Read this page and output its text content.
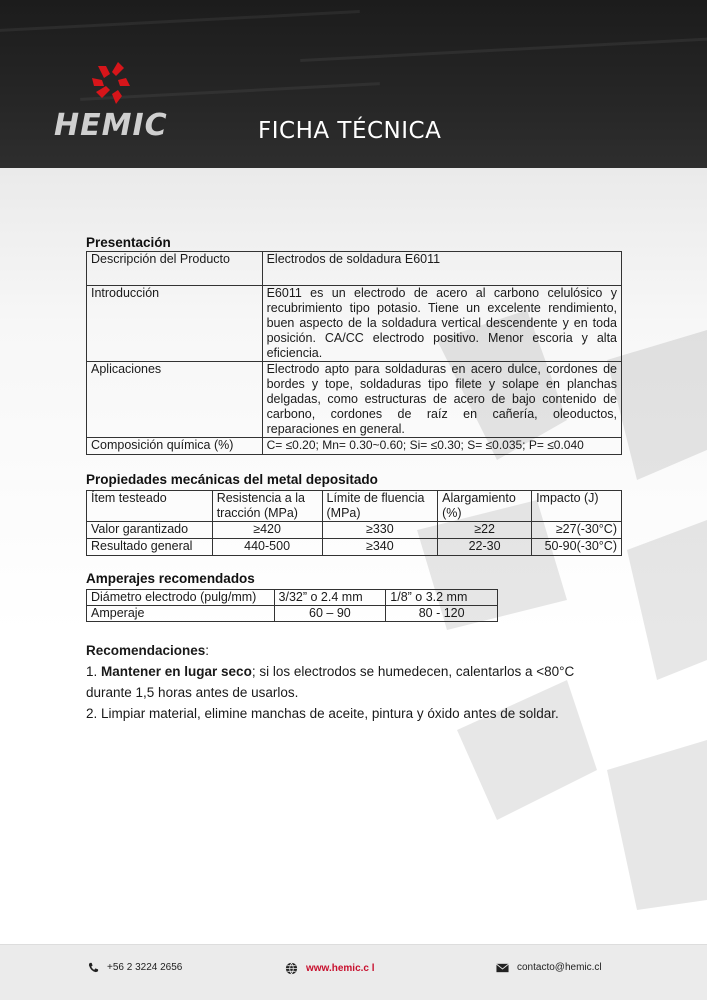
HEMIC	FICHA TÉCNICA
Presentación
Descripción del Producto	Electrodos de soldadura E6011
Introducción	E6011 es un electrodo de acero al carbono celulósico y recubrimiento tipo potasio. Tiene un excelente rendimiento, buen aspecto de la soldadura vertical descendente y en toda posición. CA/CC electrodo positivo. Menor escoria y alta eficiencia.
Aplicaciones	Electrodo apto para soldaduras en acero dulce, cordones de bordes y tope, soldaduras tipo filete y solape en planchas delgadas, como estructuras de acero de bajo contenido de carbono, cordones de raíz en cañería, oleoductos, reparaciones en general.
Composición química (%)	C= ≤0.20; Mn= 0.30~0.60; Si= ≤0.30; S= ≤0.035; P= ≤0.040
Propiedades mecánicas del metal depositado
Ítem testeado	Resistencia a la tracción (MPa)	Límite de fluencia (MPa)	Alargamiento (%)	Impacto (J)
Valor garantizado	≥420	≥330	≥22	≥27(-30°C)
Resultado general	440-500	≥340	22-30	50-90(-30°C)
Amperajes recomendados
Diámetro electrodo (pulg/mm)	3/32” o 2.4 mm	1/8” o 3.2 mm
Amperaje	60 – 90	80 - 120

Recomendaciones:

1. Mantener en lugar seco; si los electrodos se humedecen, calentarlos a <80°C durante 1,5 horas antes de usarlos.

2. Limpiar material, elimine manchas de aceite, pintura y óxido antes de soldar.

+56 2 3224 2656	www.hemic.c l	contacto@hemic.cl
